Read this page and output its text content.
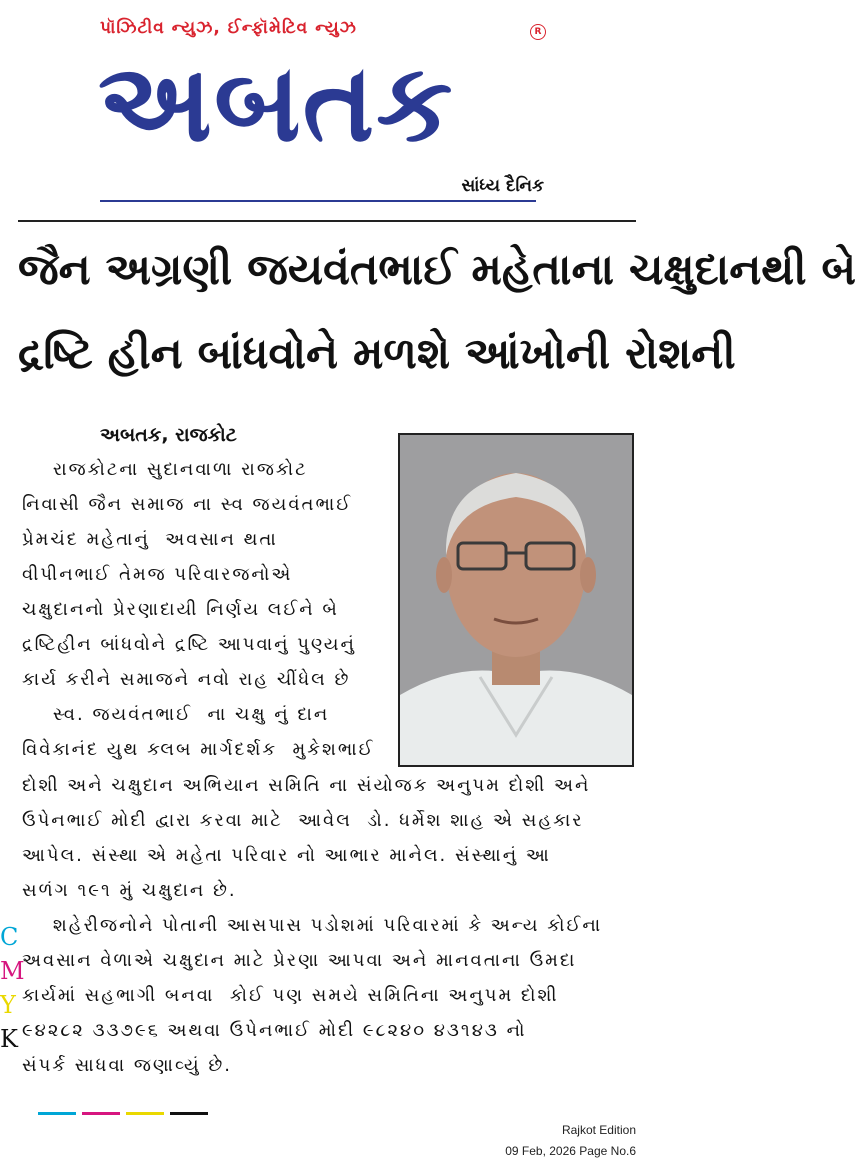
પૉઝિટીવ ન્યુઝ, ઈન્ફૉમેટિવ ન્યુઝ	R
અબતક
સાંધ્ય દૈનિક
જૈન અગ્રણી જયવંતભાઈ મહેતાના ચક્ષુદાનથી બે
દ્રષ્ટિ હીન બાંધવોને મળશે આંખોની રોશની
અબતક, રાજકોટ
રાજકોટના સુદાનવાળા રાજકોટ
નિવાસી જૈન સમાજ ના સ્વ જયવંતભાઈ
પ્રેમચંદ મહેતાનું  અવસાન થતા
વીપીનભાઈ તેમજ પરિવારજનોએ
ચક્ષુદાનનો પ્રેરણાદાયી નિર્ણય લઈને બે
દ્રષ્ટિહીન બાંધવોને દ્રષ્ટિ આપવાનું પુણ્યનું
કાર્ય કરીને સમાજને નવો રાહ ચીંધેલ છે
સ્વ. જયવંતભાઈ  ના ચક્ષુ નું દાન
વિવેકાનંદ યુથ ક્લબ માર્ગદર્શક  મુકેશભાઈ
દોશી અને ચક્ષુદાન અભિયાન સમિતિ ના સંયોજક અનુપમ દોશી અને
ઉપેનભાઈ મોદી દ્વારા કરવા માટે  આવેલ  ડો. ધર્મેશ શાહ એ સહકાર
આપેલ. સંસ્થા એ મહેતા પરિવાર નો આભાર માનેલ. સંસ્થાનું આ
સળંગ ૧૯૧ મું ચક્ષુદાન છે.
શહેરીજનોને પોતાની આસપાસ પડોશમાં પરિવારમાં કે અન્ય કોઈના
અવસાન વેળાએ ચક્ષુદાન માટે પ્રેરણા આપવા અને માનવતાના ઉમદા
કાર્યમાં સહભાગી બનવા  કોઈ પણ સમયે સમિતિના અનુપમ દોશી
૯૪૨૮૨ ૩૩૭૯૬ અથવા ઉપેનભાઈ મોદી ૯૮૨૪૦ ૪૩૧૪૩ નો
સંપર્ક સાધવા જણાવ્યું છે.
C
M
Y
K
Rajkot Edition
09 Feb, 2026 Page No.6
